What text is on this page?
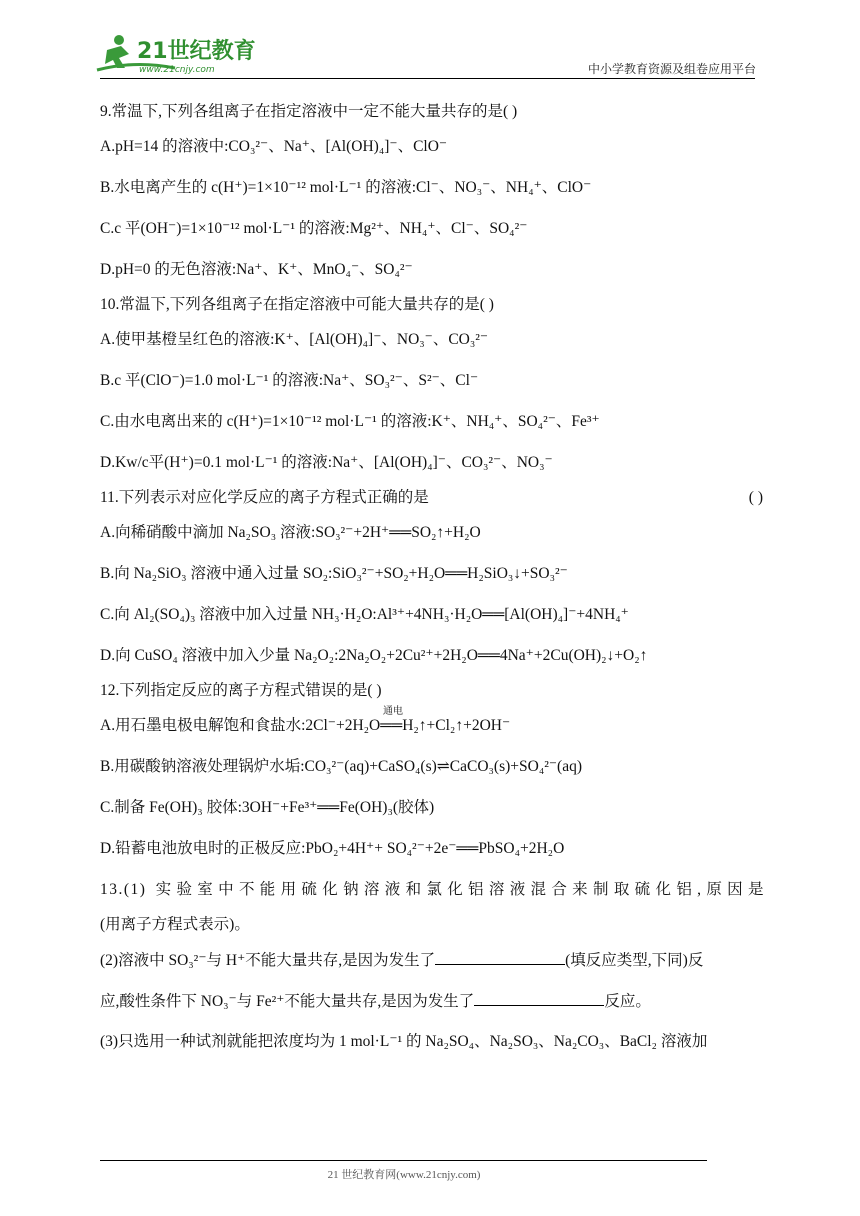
21世纪教育
www.21cnjy.com	中小学教育资源及组卷应用平台
9.常温下,下列各组离子在指定溶液中一定不能大量共存的是( )
A.pH=14 的溶液中:CO₃²⁻、Na⁺、[Al(OH)₄]⁻、ClO⁻
B.水电离产生的 c(H⁺)=1×10⁻¹² mol·L⁻¹ 的溶液:Cl⁻、NO₃⁻、NH₄⁺、ClO⁻
C.c 平(OH⁻)=1×10⁻¹² mol·L⁻¹ 的溶液:Mg²⁺、NH₄⁺、Cl⁻、SO₄²⁻
D.pH=0 的无色溶液:Na⁺、K⁺、MnO₄⁻、SO₄²⁻
10.常温下,下列各组离子在指定溶液中可能大量共存的是( )
A.使甲基橙呈红色的溶液:K⁺、[Al(OH)₄]⁻、NO₃⁻、CO₃²⁻
B.c 平(ClO⁻)=1.0 mol·L⁻¹ 的溶液:Na⁺、SO₃²⁻、S²⁻、Cl⁻
C.由水电离出来的 c(H⁺)=1×10⁻¹² mol·L⁻¹ 的溶液:K⁺、NH₄⁺、SO₄²⁻、Fe³⁺
D.Kw/c平(H⁺)=0.1 mol·L⁻¹ 的溶液:Na⁺、[Al(OH)₄]⁻、CO₃²⁻、NO₃⁻
11.下列表示对应化学反应的离子方程式正确的是	( )
A.向稀硝酸中滴加 Na₂SO₃ 溶液:SO₃²⁻+2H⁺══SO₂↑+H₂O
B.向 Na₂SiO₃ 溶液中通入过量 SO₂:SiO₃²⁻+SO₂+H₂O══H₂SiO₃↓+SO₃²⁻
C.向 Al₂(SO₄)₃ 溶液中加入过量 NH₃·H₂O:Al³⁺+4NH₃·H₂O══[Al(OH)₄]⁻+4NH₄⁺
D.向 CuSO₄ 溶液中加入少量 Na₂O₂:2Na₂O₂+2Cu²⁺+2H₂O══4Na⁺+2Cu(OH)₂↓+O₂↑
12.下列指定反应的离子方程式错误的是( )
通电
A.用石墨电极电解饱和食盐水:2Cl⁻+2H₂O══H₂↑+Cl₂↑+2OH⁻
B.用碳酸钠溶液处理锅炉水垢:CO₃²⁻(aq)+CaSO₄(s)⇌CaCO₃(s)+SO₄²⁻(aq)
C.制备 Fe(OH)₃ 胶体:3OH⁻+Fe³⁺══Fe(OH)₃(胶体)
D.铅蓄电池放电时的正极反应:PbO₂+4H⁺+ SO₄²⁻+2e⁻══PbSO₄+2H₂O
13.(1) 实验室中不能用硫化钠溶液和氯化铝溶液混合来制取硫化铝,原因是
(用离子方程式表示)。
(2)溶液中 SO₃²⁻与 H⁺不能大量共存,是因为发生了	(填反应类型,下同)反
应,酸性条件下 NO₃⁻与 Fe²⁺不能大量共存,是因为发生了	反应。
(3)只选用一种试剂就能把浓度均为 1 mol·L⁻¹ 的 Na₂SO₄、Na₂SO₃、Na₂CO₃、BaCl₂ 溶液加
21 世纪教育网(www.21cnjy.com)
